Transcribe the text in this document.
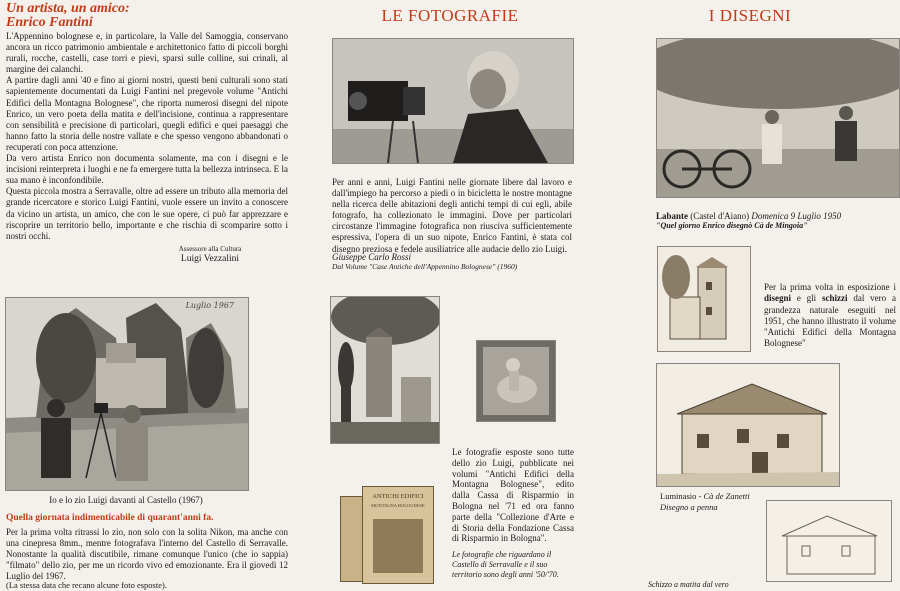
Un artista, un amico:
Enrico Fantini

L'Appennino bolognese e, in particolare, la Valle del Samoggia, conservano ancora un ricco patrimonio ambientale e architettonico fatto di piccoli borghi rurali, rocche, castelli, case torri e pievi, sparsi sulle colline, sui crinali, al margine dei calanchi.

A partire dagli anni '40 e fino ai giorni nostri, questi beni culturali sono stati sapientemente documentati da Luigi Fantini nel pregevole volume "Antichi Edifici della Montagna Bolognese", che riporta numerosi disegni del nipote Enrico, un vero poeta della matita e dell'incisione, continua a rappresentare con sensibilità e precisione di particolari, quegli edifici e quei paesaggi che hanno fatto la storia delle nostre vallate e che spesso vengono abbandonati o recuperati con poca attenzione.

Da vero artista Enrico non documenta solamente, ma con i disegni e le incisioni reinterpreta i luoghi e ne fa emergere tutta la bellezza intrinseca. E la sua mano è inconfondibile.

Questa piccola mostra a Serravalle, oltre ad essere un tributo alla memoria del grande ricercatore e storico Luigi Fantini, vuole essere un invito a conoscere da vicino un artista, un amico, che con le sue opere, ci può far apprezzare e riscoprire un territorio bello, importante e che rischia di scomparire sotto i nostri occhi.

Assessore alla Cultura
Luigi Vezzalini
Luglio 1967
Io e lo zio Luigi davanti al Castello (1967)
Quella giornata indimenticabile di quarant'anni fa.

Per la prima volta ritrassi lo zio, non solo con la solita Nikon, ma anche con una cinepresa 8mm., mentre fotografava l'interno del Castello di Serravalle. Nonostante la qualità discutibile, rimane comunque l'unico (che io sappia) "filmato" dello zio, per me un ricordo vivo ed emozionante. Era il giovedì 12 Luglio del 1967.

(La stessa data che recano alcune foto esposte).
LE FOTOGRAFIE

Per anni e anni, Luigi Fantini nelle giornate libere dal lavoro e dall'impiego ha percorso a piedi o in bicicletta le nostre montagne nella ricerca delle abitazioni degli antichi tempi di cui egli, abile fotografo, ha collezionato le immagini. Dove per particolari circostanze l'immagine fotografica non riusciva sufficientemente espressiva, l'opera di un suo nipote, Enrico Fantini, è stata col disegno preziosa e fedele ausiliatrice alle audacie dello zio Luigi.

Giuseppe Carlo Rossi
Dal Volume "Case Antiche dell'Appennino Bolognese" (1960)
ANTICHI EDIFICI
MONTAGNA BOLOGNESE

Le fotografie esposte sono tutte dello zio Luigi, pubblicate nei volumi "Antichi Edifici della Montagna Bolognese", edito dalla Cassa di Risparmio in Bologna nel '71 ed ora fanno parte della "Collezione d'Arte e di Storia della Fondazione Cassa di Risparmio in Bologna".

Le fotografie che riguardano il Castello di Serravalle e il suo territorio sono degli anni '50/'70.

I DISEGNI
Labante (Castel d'Aiano) Domenica 9 Luglio 1950
"Quel giorno Enrico disegnò Cà de Mingoia"

Per la prima volta in esposizione i disegni e gli schizzi dal vero a grandezza naturale eseguiti nel 1951, che hanno illustrato il volume "Antichi Edifici della Montagna Bolognese"

Luminasio - Cà de Zanetti
Disegno a penna
Schizzo a matita dal vero
